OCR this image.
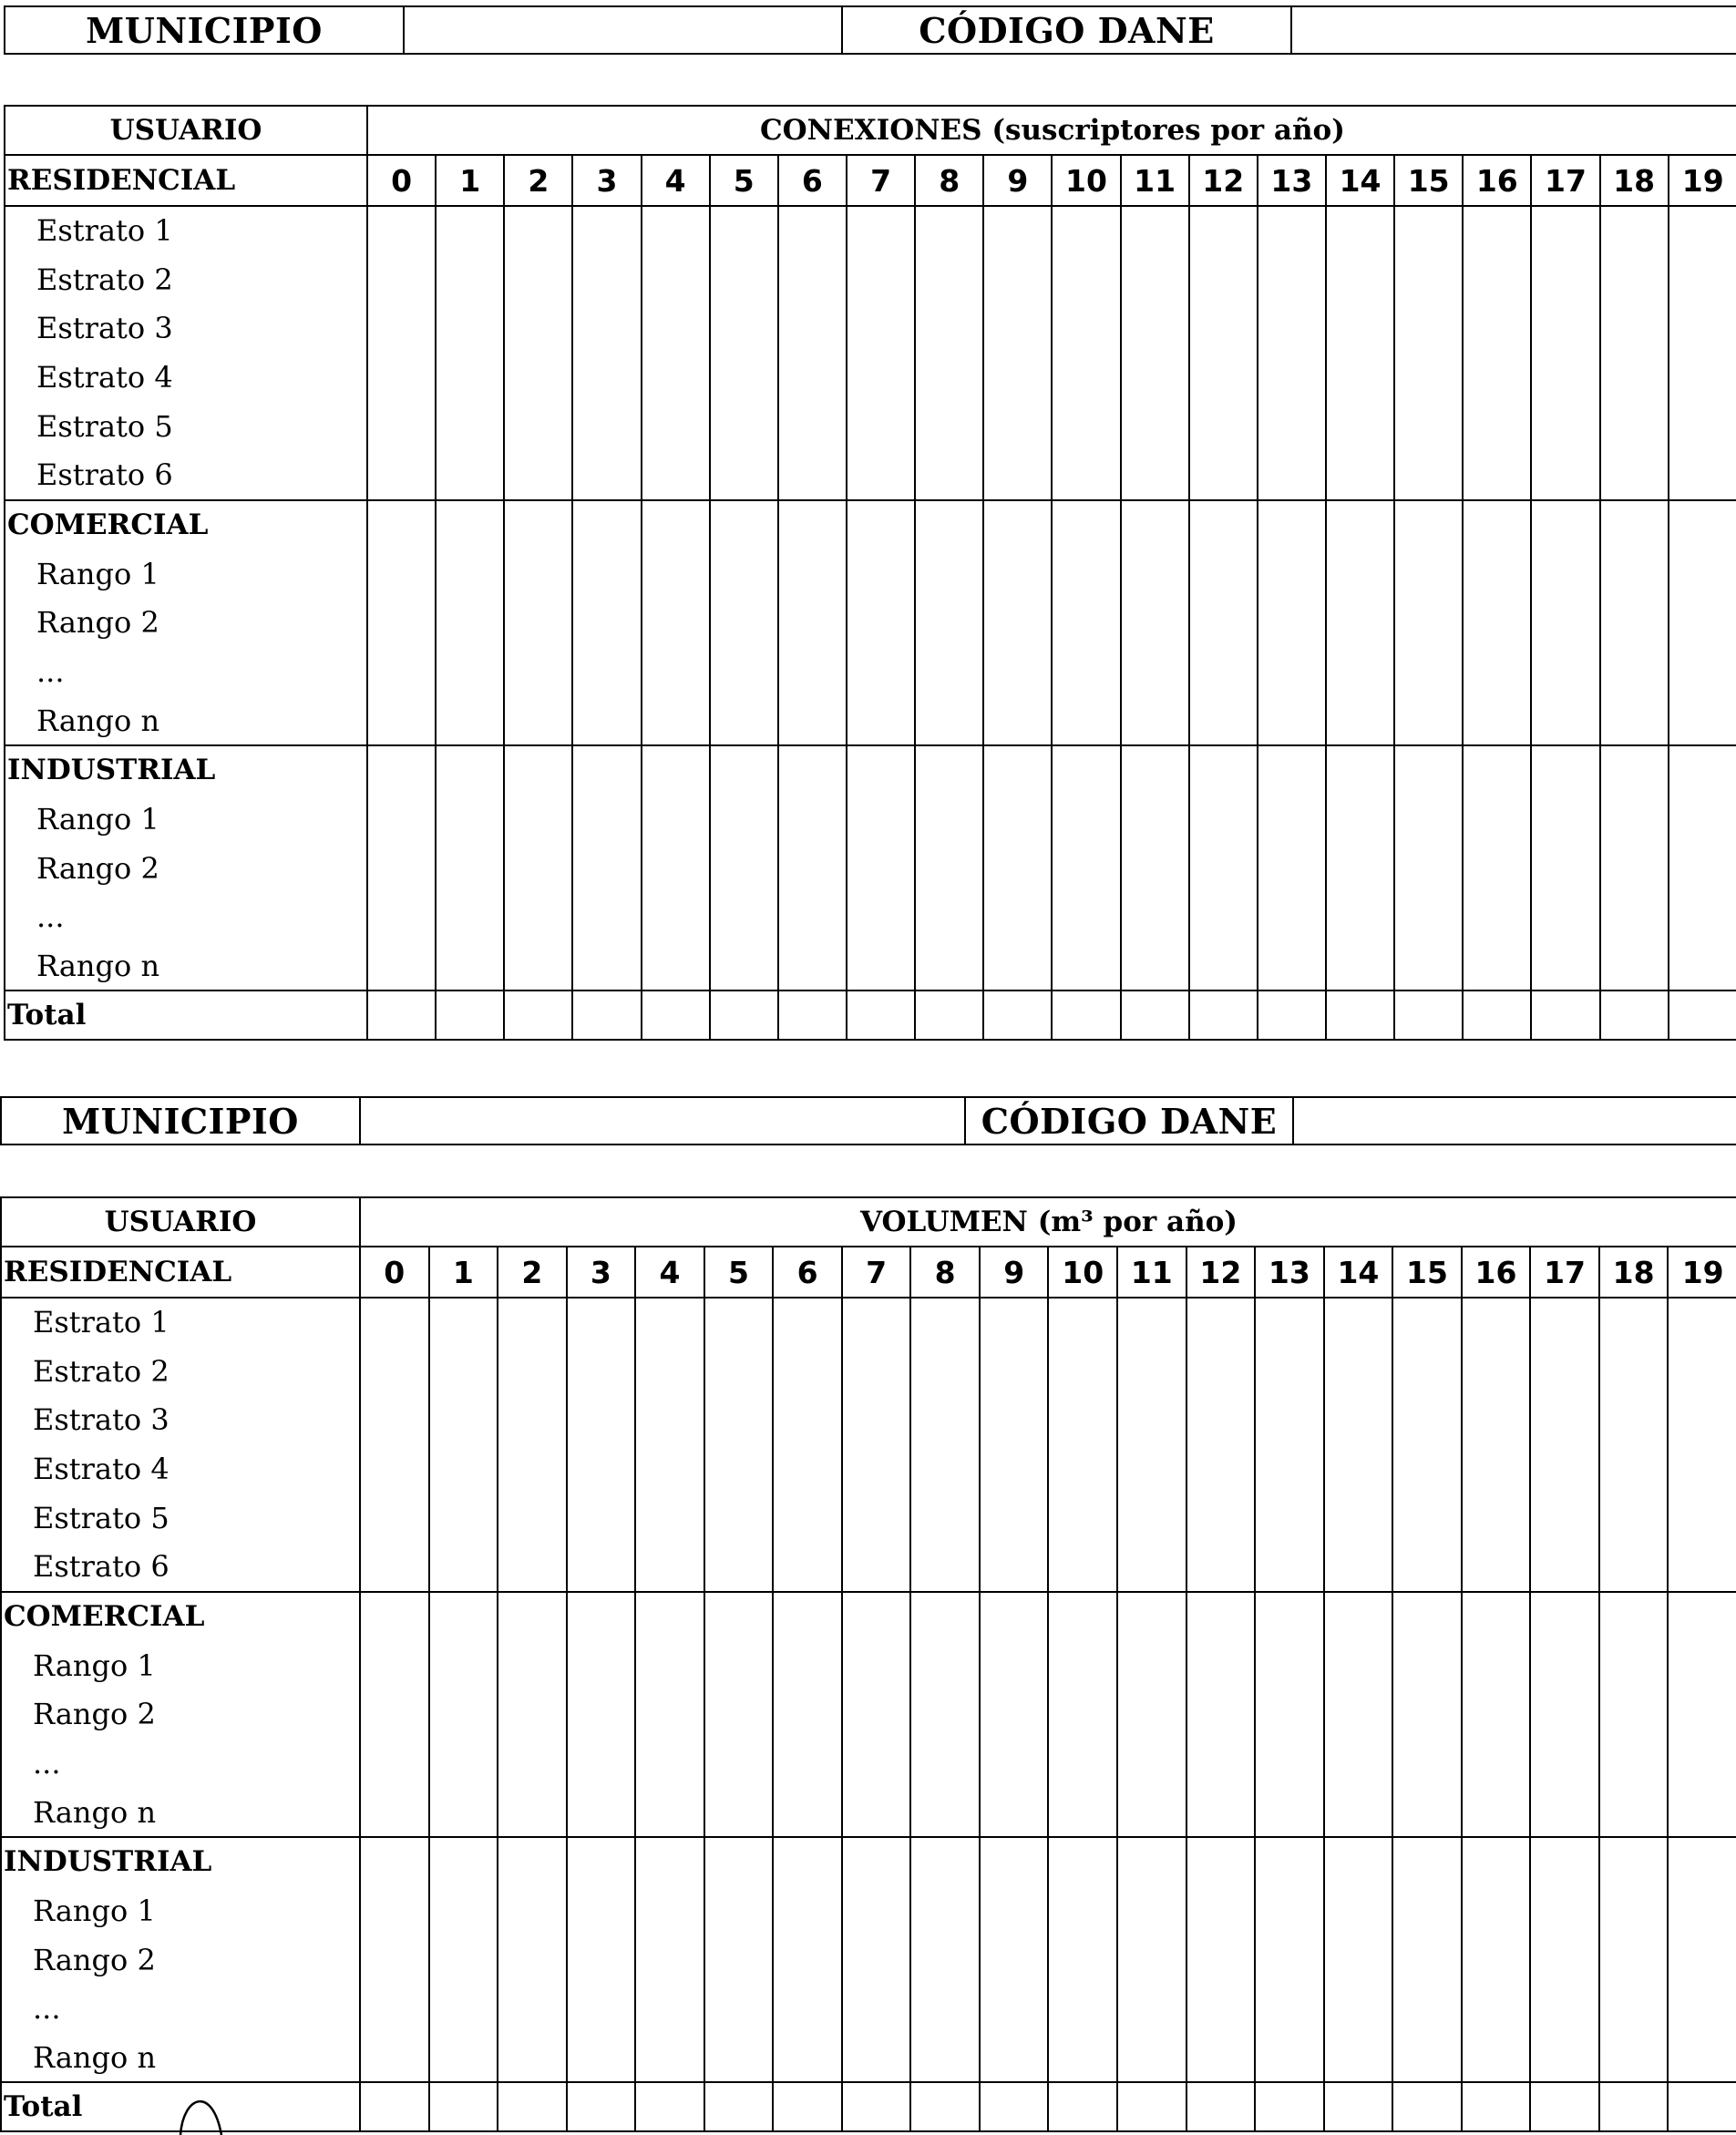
MUNICIPIO	CÓDIGO DANE
USUARIO	CONEXIONES (suscriptores por año)																			
RESIDENCIAL	0	1	2	3	4	5	6	7	8	9	10	11	12	13	14	15	16	17	18	19
Estrato 1																				
Estrato 2																				
Estrato 3																				
Estrato 4																				
Estrato 5																				
Estrato 6																				
COMERCIAL																				
Rango 1																				
Rango 2																				
...																				
Rango n																				
INDUSTRIAL																				
Rango 1																				
Rango 2																				
...																				
Rango n																				
Total																				
MUNICIPIO	CÓDIGO DANE
USUARIO	VOLUMEN (m³ por año)																			
RESIDENCIAL	0	1	2	3	4	5	6	7	8	9	10	11	12	13	14	15	16	17	18	19
Estrato 1																				
Estrato 2																				
Estrato 3																				
Estrato 4																				
Estrato 5																				
Estrato 6																				
COMERCIAL																				
Rango 1																				
Rango 2																				
...																				
Rango n																				
INDUSTRIAL																				
Rango 1																				
Rango 2																				
...																				
Rango n																				
Total																				
